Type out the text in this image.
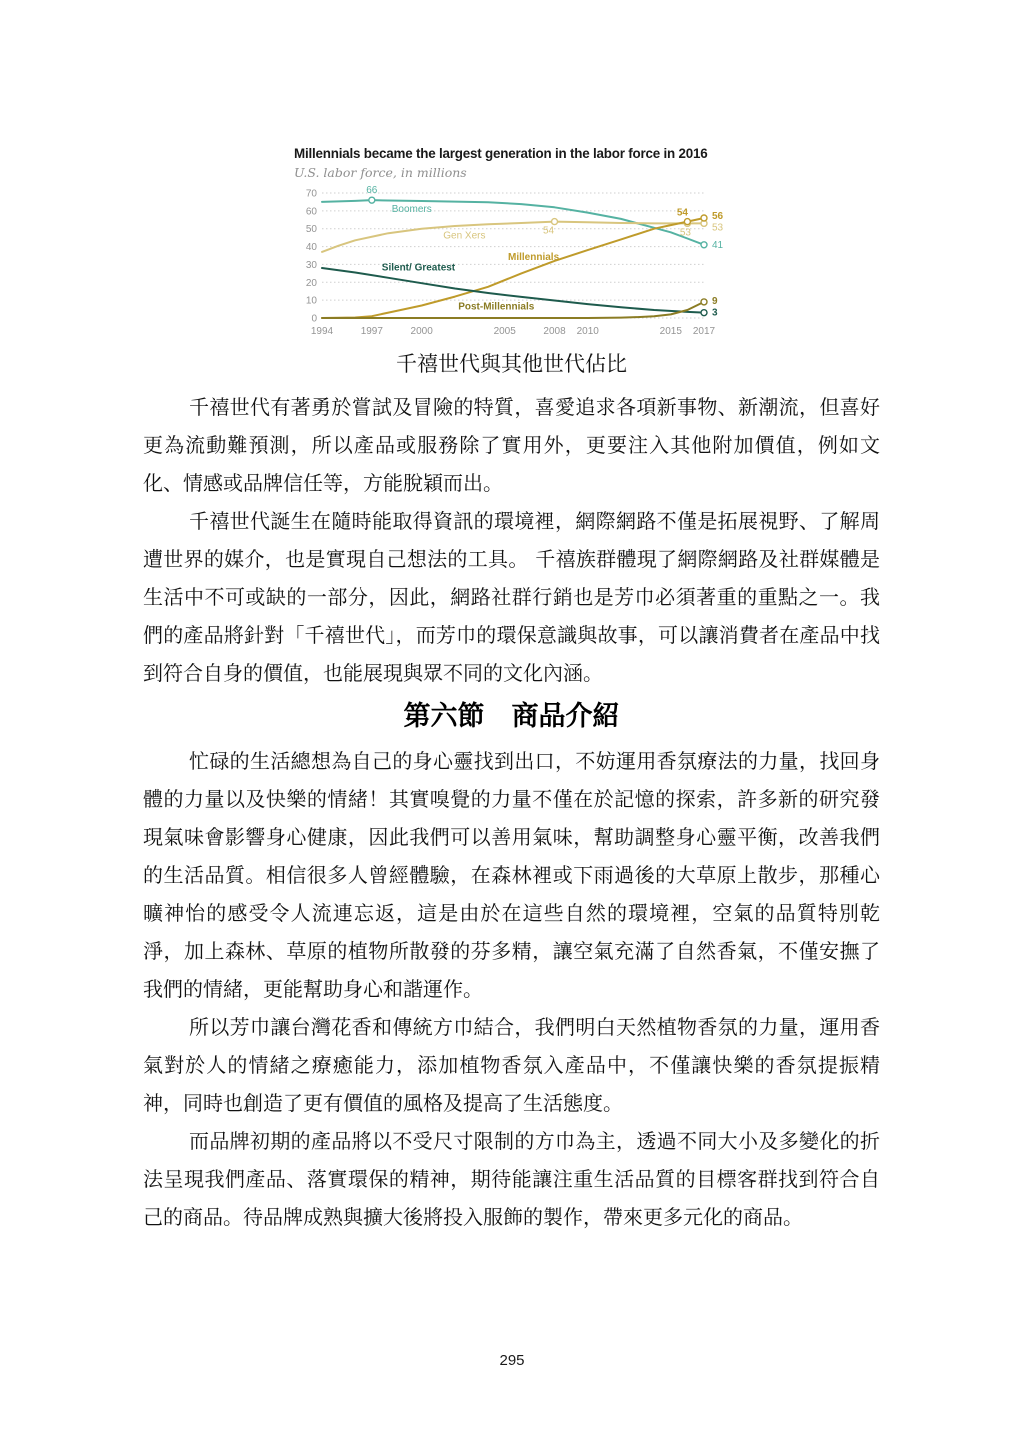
Millennials became the largest generation in the labor force in 2016
U.S. labor force, in millions
0
10
20
30
40
50
60
70
1994	1997	2000	2005	2008 2010	2015 2017
Boomers
66
41
Gen Xers	54	53 53
Millennials
54 56
Silent/ Greatest
3
Post-Millennials	9
千禧世代與其他世代佔比

千禧世代有著勇於嘗試及冒險的特質，喜愛追求各項新事物、新潮流，但喜好更為流動難預測，所以產品或服務除了實用外，更要注入其他附加價值，例如文化、情感或品牌信任等，方能脫穎而出。

千禧世代誕生在隨時能取得資訊的環境裡，網際網路不僅是拓展視野、了解周遭世界的媒介，也是實現自己想法的工具。 千禧族群體現了網際網路及社群媒體是生活中不可或缺的一部分，因此，網路社群行銷也是芳巾必須著重的重點之一。我們的產品將針對「千禧世代」，而芳巾的環保意識與故事，可以讓消費者在產品中找到符合自身的價值，也能展現與眾不同的文化內涵。

第六節　商品介紹

忙碌的生活總想為自己的身心靈找到出口，不妨運用香氛療法的力量，找回身體的力量以及快樂的情緒！其實嗅覺的力量不僅在於記憶的探索，許多新的研究發現氣味會影響身心健康，因此我們可以善用氣味，幫助調整身心靈平衡，改善我們的生活品質。相信很多人曾經體驗，在森林裡或下雨過後的大草原上散步，那種心曠神怡的感受令人流連忘返，這是由於在這些自然的環境裡，空氣的品質特別乾淨，加上森林、草原的植物所散發的芬多精，讓空氣充滿了自然香氣，不僅安撫了我們的情緒，更能幫助身心和諧運作。

所以芳巾讓台灣花香和傳統方巾結合，我們明白天然植物香氛的力量，運用香氣對於人的情緒之療癒能力，添加植物香氛入產品中，不僅讓快樂的香氛提振精神，同時也創造了更有價值的風格及提高了生活態度。

而品牌初期的產品將以不受尺寸限制的方巾為主，透過不同大小及多變化的折法呈現我們產品、落實環保的精神，期待能讓注重生活品質的目標客群找到符合自己的商品。待品牌成熟與擴大後將投入服飾的製作，帶來更多元化的商品。

295
